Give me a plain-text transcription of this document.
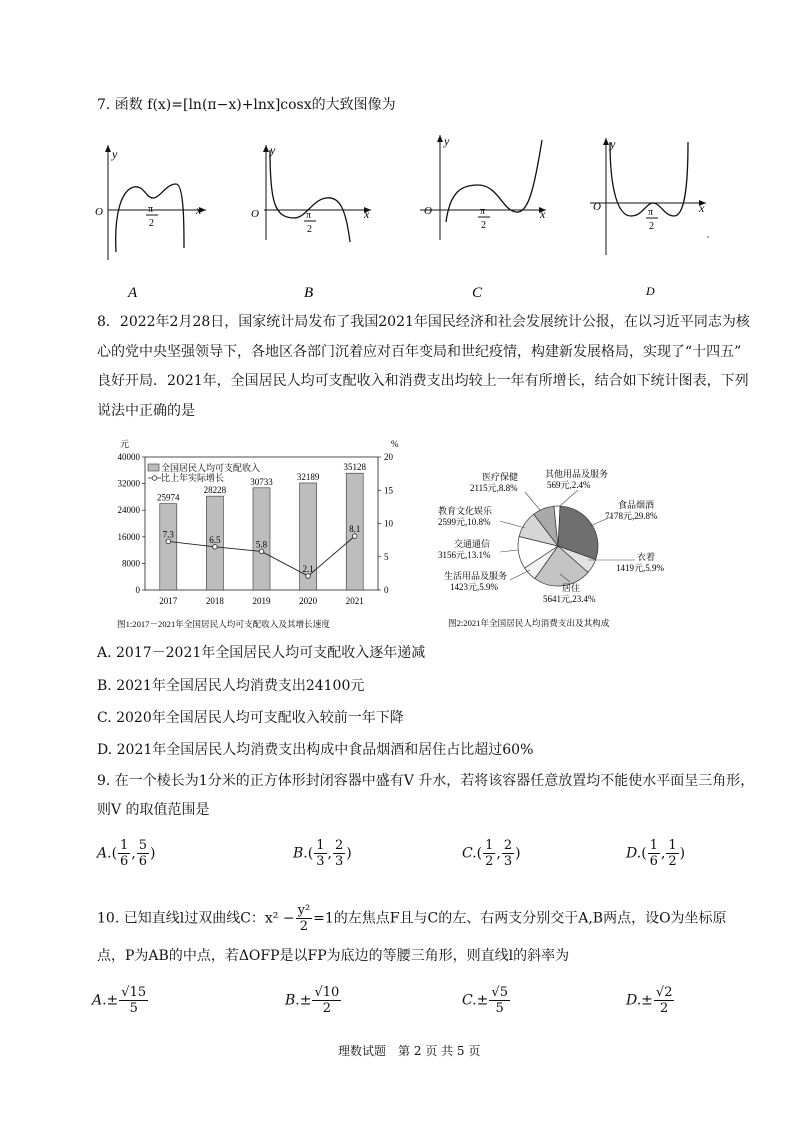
7. 函数 f(x)=[ln(π−x)+lnx]cosx的大致图像为
y
x
O	π
2
A
y
x
O	π
2
B
y
x
O	π
2
C
y
x
O	π
2
D
8．2022年2月28日，国家统计局发布了我国2021年国民经济和社会发展统计公报，在以习近平同志为核
心的党中央坚强领导下，各地区各部门沉着应对百年变局和世纪疫情，构建新发展格局，实现了“十四五”
良好开局．2021年，全国居民人均可支配收入和消费支出均较上一年有所增长，结合如下统计图表，下列
说法中正确的是
40000
32000
24000
16000
8000
0
20
15
10
5
0
25974
2017
28228
2018
30733
2019
32189
2020
35128
2021
7.3
6.5	5.8
2.1
8.1
元	%
全国居民人均可支配收入
比上年实际增长
图1:2017－2021年全国居民人均可支配收入及其增长速度
其他用品及服务
569元,2.4%
医疗保健
2115元,8.8%
食品烟酒
7178元,29.8%
教育文化娱乐
2599元,10.8%
交通通信
3156元,13.1%	衣着
1419元,5.9%
生活用品及服务
1423元,5.9%	居住
5641元,23.4%
图2:2021年全国居民人均消费支出及其构成
A. 2017－2021年全国居民人均可支配收入逐年递减
B. 2021年全国居民人均消费支出24100元
C. 2020年全国居民人均可支配收入较前一年下降
D. 2021年全国居民人均消费支出构成中食品烟酒和居住占比超过60%
9. 在一个棱长为1分米的正方体形封闭容器中盛有V 升水，若将该容器任意放置均不能使水平面呈三角形，
则V 的取值范围是
$A.( \frac{1}{6}$ , $\frac{5}{6}$ )	$B.( \frac{1}{3}$ , $\frac{2}{3}$ )	$C.( \frac{1}{2}$ , $\frac{2}{3}$ )	$D.( \frac{1}{6}$ , $\frac{1}{2}$ )
10. 已知直线l过双曲线C：$x^2 - \frac{\text{y²}}{2} =1$的左焦点F且与C的左、右两支分别交于A,B两点，设O为坐标原
点，P为AB的中点，若ΔOFP是以FP为底边的等腰三角形，则直线l的斜率为
$A.\pm \frac{√15}{5}$	$B.\pm \frac{√10}{2}$	$C.\pm \frac{√5}{5}$	$D.\pm \frac{√2}{2}$
理数试题　第 2 页 共 5 页
